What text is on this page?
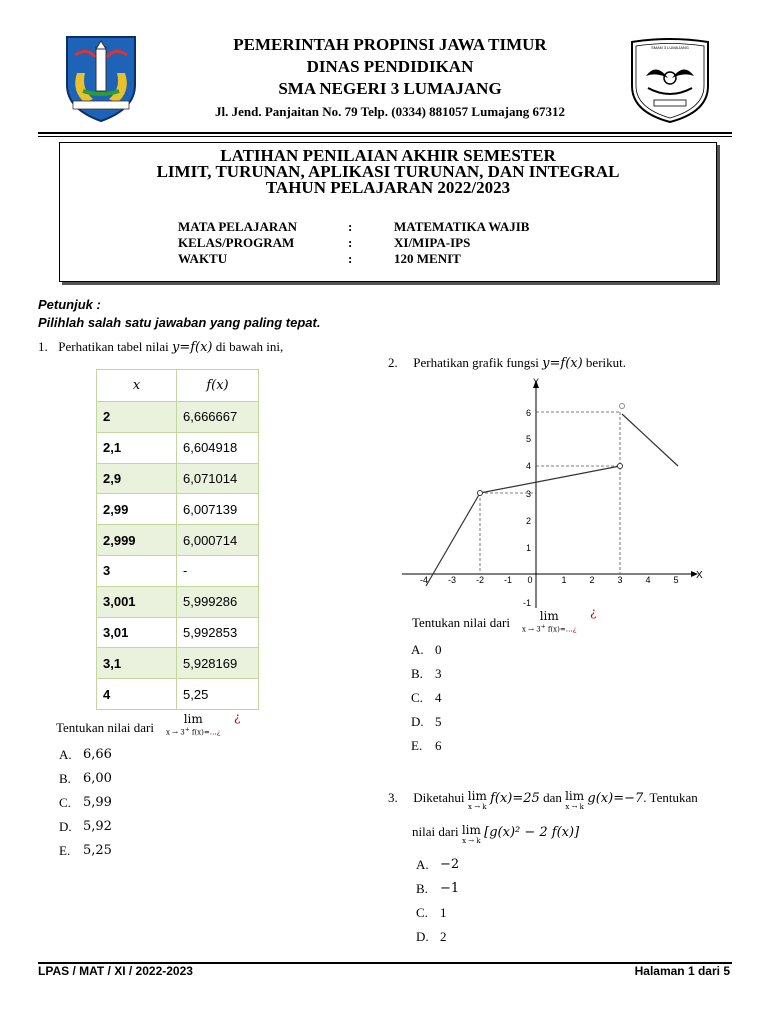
PEMERINTAH PROPINSI JAWA TIMUR
DINAS PENDIDIKAN
SMA NEGERI 3 LUMAJANG
Jl. Jend. Panjaitan No. 79 Telp. (0334) 881057 Lumajang 67312
SMAN 3 LUMAJANG
LATIHAN PENILAIAN AKHIR SEMESTER
LIMIT, TURUNAN, APLIKASI TURUNAN, DAN INTEGRAL
TAHUN PELAJARAN 2022/2023
MATA PELAJARAN	:	MATEMATIKA WAJIB
KELAS/PROGRAM	:	XI/MIPA-IPS
WAKTU	:	120 MENIT
Petunjuk :
Pilihlah salah satu jawaban yang paling tepat.
1. Perhatikan tabel nilai y=f(x) di bawah ini,
x	f(x)
2	6,666667
2,1	6,604918
2,9	6,071014
2,99	6,007139
2,999	6,000714
3	-
3,001	5,999286
3,01	5,992853
3,1	5,928169
4	5,25
Tentukan nilai dari
lim	¿
x → 3+ f(x)=…¿
A. 6,66
B. 6,00
C. 5,99
D. 5,92
E. 5,25
2. Perhatikan grafik fungsi y=f(x) berikut.
X
Y
-4 -3 -2 -1 0	1	2	3	4	5
6
5
4
3
2
1
-1
Tentukan nilai dari	lim	¿
x → 3+ f(x)=…¿
A. 0
B. 3
C. 4
D. 5
E. 6
3. Diketahui lim
x → k
f(x)=25 dan lim
x → k
g(x)=−7. Tentukan
nilai dari lim
x → k
[g(x)² − 2 f(x)]
A. −2
B. −1
C. 1
D. 2
LPAS / MAT / XI / 2022-2023	Halaman 1 dari 5
